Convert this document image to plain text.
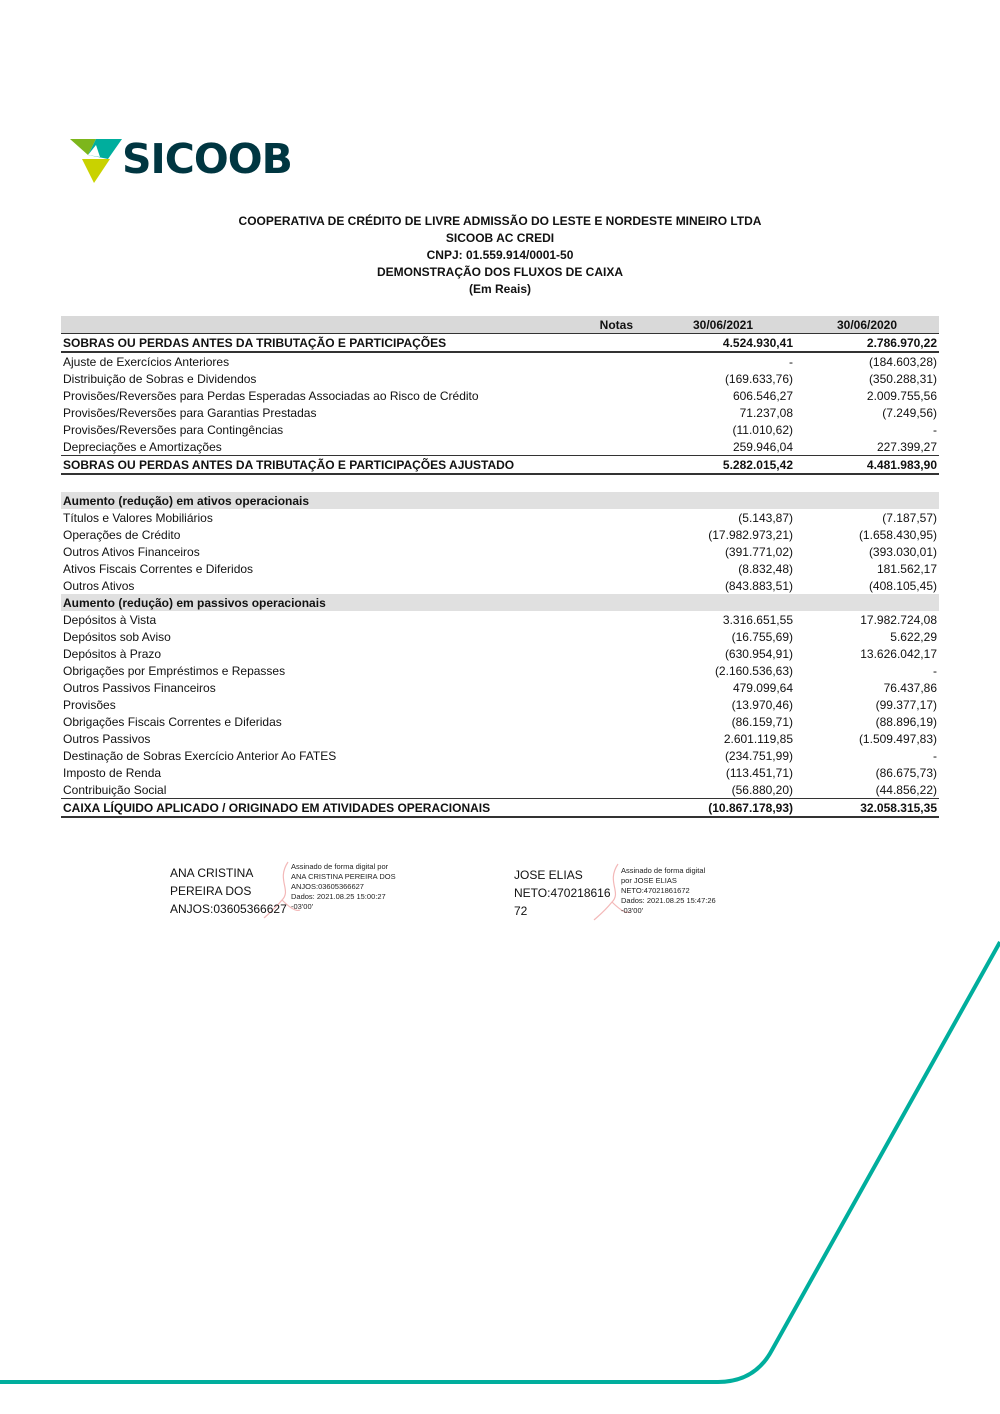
SICOOB
COOPERATIVA DE CRÉDITO DE LIVRE ADMISSÃO DO LESTE E NORDESTE MINEIRO LTDA
SICOOB AC CREDI
CNPJ: 01.559.914/0001-50
DEMONSTRAÇÃO DOS FLUXOS DE CAIXA
(Em Reais)
	Notas	30/06/2021	30/06/2020
SOBRAS OU PERDAS ANTES DA TRIBUTAÇÃO E PARTICIPAÇÕES		4.524.930,41	2.786.970,22
Ajuste de Exercícios Anteriores		-	(184.603,28)
Distribuição de Sobras e Dividendos		(169.633,76)	(350.288,31)
Provisões/Reversões para Perdas Esperadas Associadas ao Risco de Crédito		606.546,27	2.009.755,56
Provisões/Reversões para Garantias Prestadas		71.237,08	(7.249,56)
Provisões/Reversões para Contingências		(11.010,62)	-
Depreciações e Amortizações		259.946,04	227.399,27
SOBRAS OU PERDAS ANTES DA TRIBUTAÇÃO E PARTICIPAÇÕES AJUSTADO		5.282.015,42	4.481.983,90

Aumento (redução) em ativos operacionais			
Títulos e Valores Mobiliários		(5.143,87)	(7.187,57)
Operações de Crédito		(17.982.973,21)	(1.658.430,95)
Outros Ativos Financeiros		(391.771,02)	(393.030,01)
Ativos Fiscais Correntes e Diferidos		(8.832,48)	181.562,17
Outros Ativos		(843.883,51)	(408.105,45)
Aumento (redução) em passivos operacionais			
Depósitos à Vista		3.316.651,55	17.982.724,08
Depósitos sob Aviso		(16.755,69)	5.622,29
Depósitos à Prazo		(630.954,91)	13.626.042,17
Obrigações por Empréstimos e Repasses		(2.160.536,63)	-
Outros Passivos Financeiros		479.099,64	76.437,86
Provisões		(13.970,46)	(99.377,17)
Obrigações Fiscais Correntes e Diferidas		(86.159,71)	(88.896,19)
Outros Passivos		2.601.119,85	(1.509.497,83)
Destinação de Sobras Exercício Anterior Ao FATES		(234.751,99)	-
Imposto de Renda		(113.451,71)	(86.675,73)
Contribuição Social		(56.880,20)	(44.856,22)
CAIXA LÍQUIDO APLICADO / ORIGINADO EM ATIVIDADES OPERACIONAIS		(10.867.178,93)	32.058.315,35
ANA CRISTINA
PEREIRA DOS
ANJOS:03605366627
Assinado de forma digital por
ANA CRISTINA PEREIRA DOS
ANJOS:03605366627
Dados: 2021.08.25 15:00:27
-03'00'
JOSE ELIAS
NETO:470218616
72
Assinado de forma digital
por JOSE ELIAS
NETO:47021861672
Dados: 2021.08.25 15:47:26
-03'00'
